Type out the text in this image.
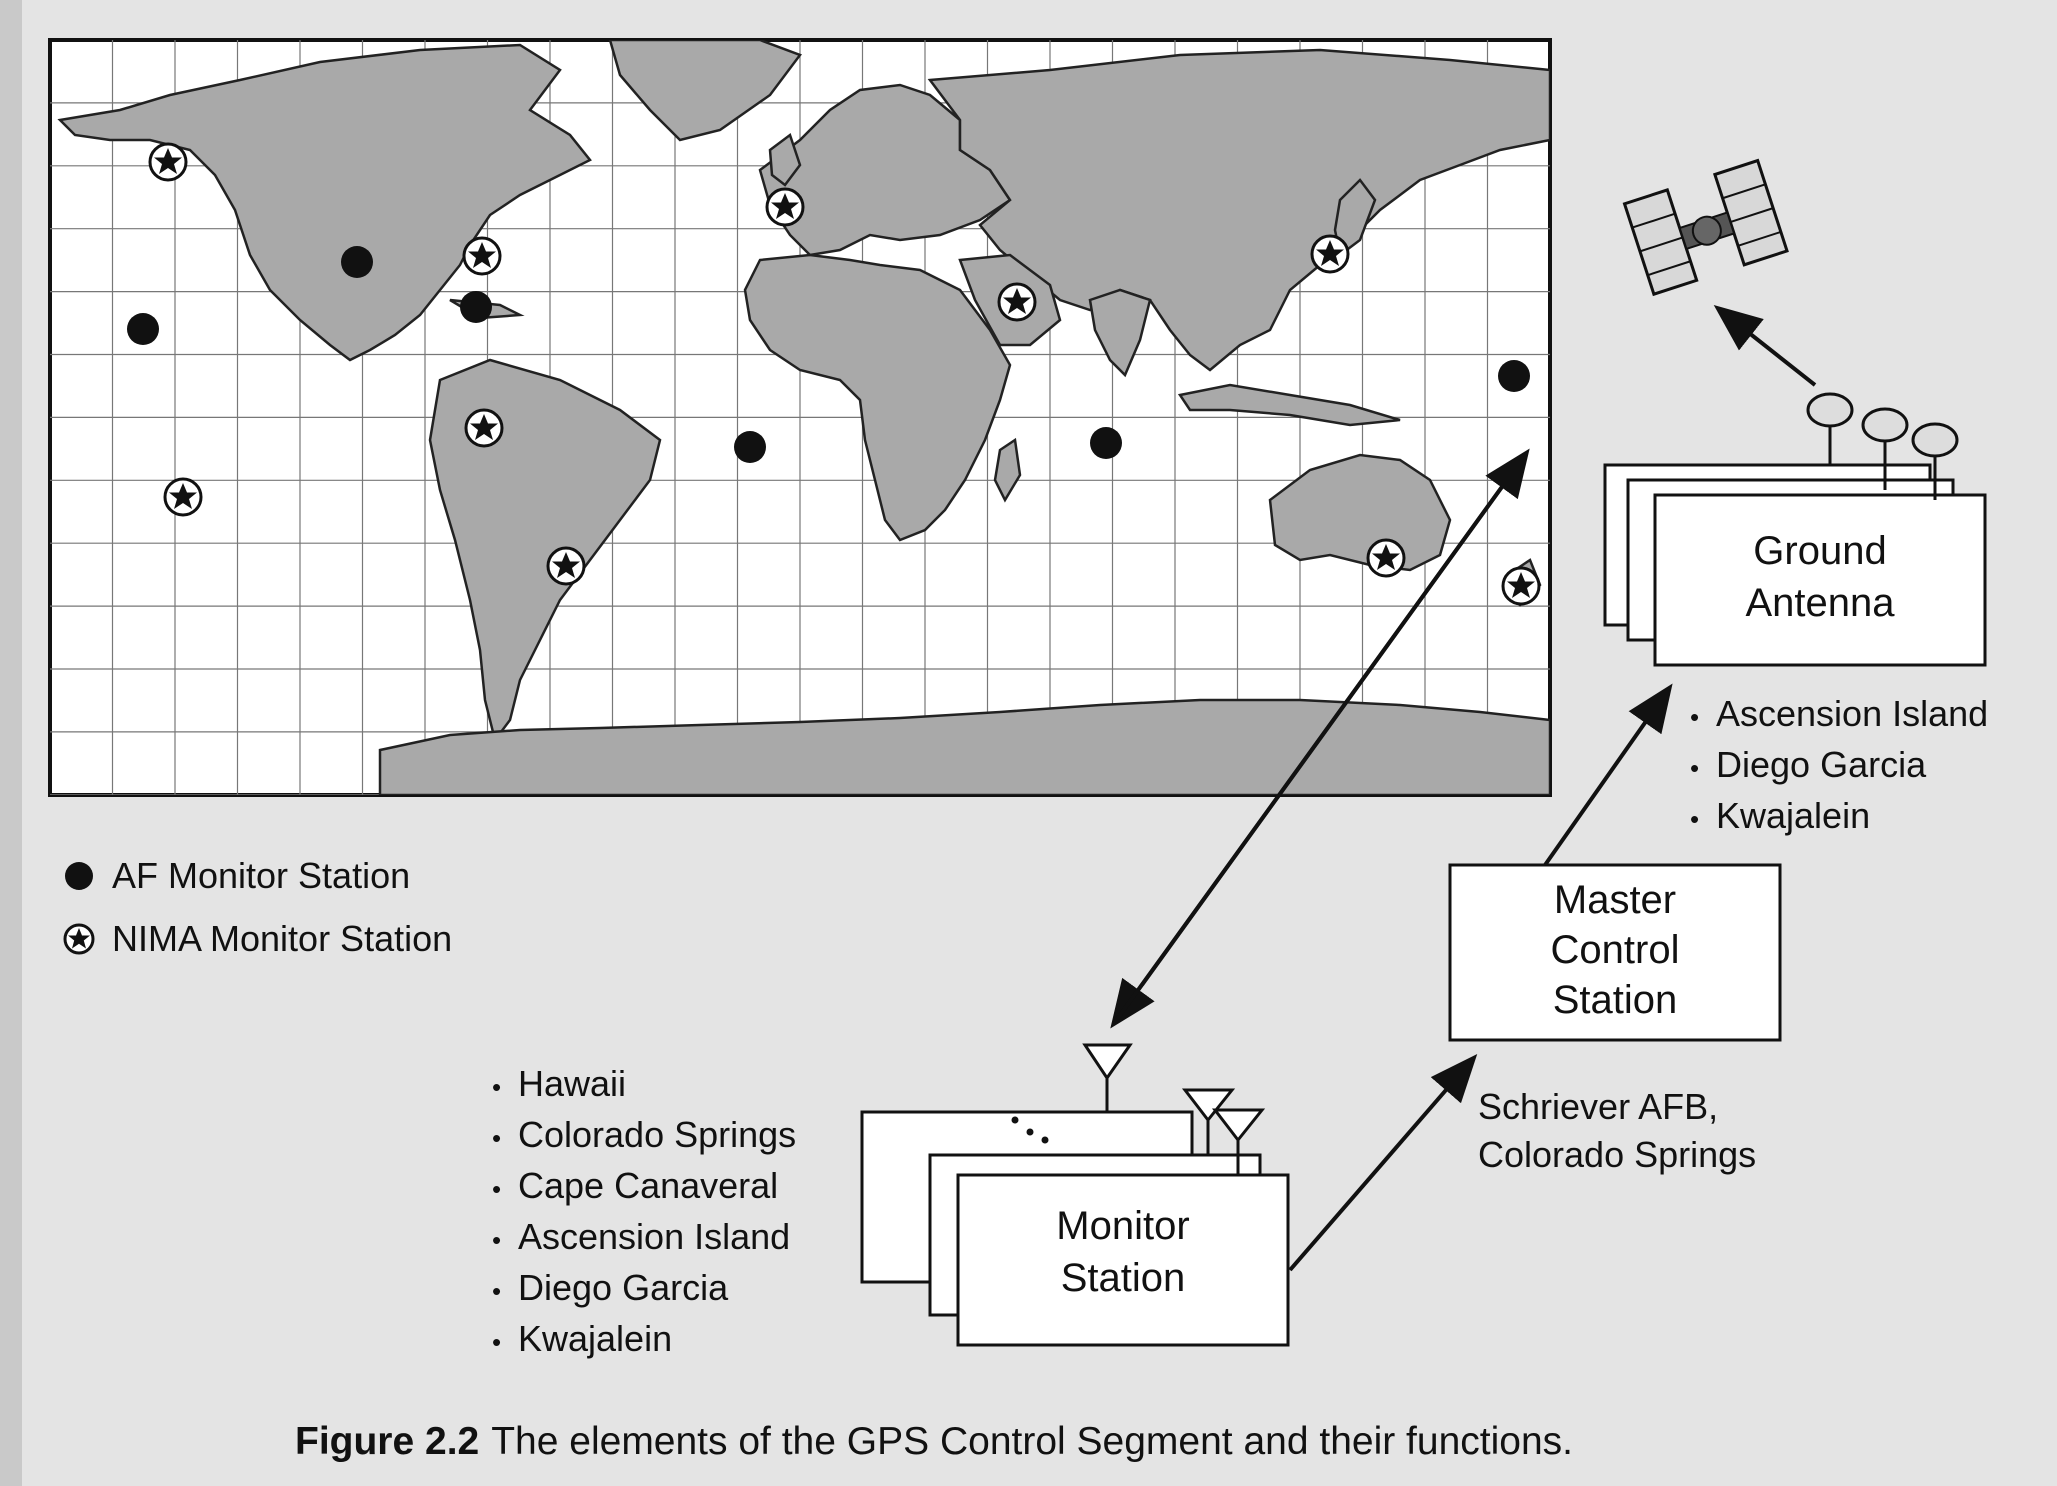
Ground
Antenna
• Ascension Island
• Diego Garcia
• Kwajalein
Master
Control
Station
Schriever AFB,
Colorado Springs
Monitor
Station
• Hawaii
• Colorado Springs
• Cape Canaveral
• Ascension Island
• Diego Garcia
• Kwajalein
AF Monitor Station
NIMA Monitor Station
Figure 2.2 The elements of the GPS Control Segment and their functions.
